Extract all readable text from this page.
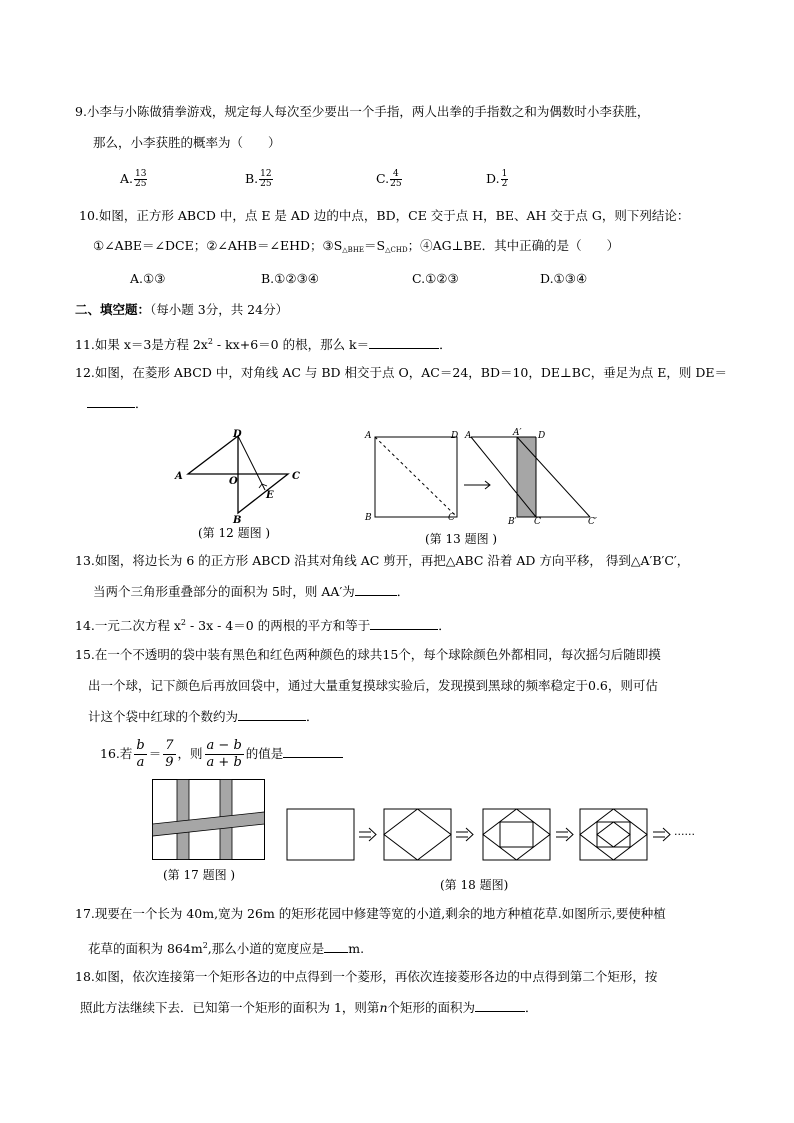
9.小李与小陈做猜拳游戏，规定每人每次至少要出一个手指，两人出拳的手指数之和为偶数时小李获胜，
那么，小李获胜的概率为（　　）
A. $\frac{13}{25}$	B. $\frac{12}{25}$	C. $\frac{4}{25}$	D. $\frac{1}{2}$
10.如图，正方形 ABCD 中，点 E 是 AD 边的中点，BD，CE 交于点 H，BE、AH 交于点 G，则下列结论：
①∠ABE＝∠DCE；②∠AHB＝∠EHD；$③S_{\triangle BHE}=S_{\triangle CHD}$；④AG⊥BE．其中正确的是（　　）
A.①③	B.①②③④	C.①②③	D.①③④
二、填空题：（每小题 3分，共 24分）
11.如果 x＝3是方程 $2x^2 - kx+6=0$ 的根，那么 k＝	．
12.如图，在菱形 ABCD 中，对角线 AC 与 BD 相交于点 O，AC＝24，BD＝10，DE⊥BC，垂足为点 E，则 DE＝
．
D
A	O	C
E
B
(第 12 题图 )
A	D
B	C
A	A′ D
B′ C	C′
(第 13 题图 )
13.如图，将边长为 6 的正方形 ABCD 沿其对角线 AC 剪开，再把△ABC 沿着 AD 方向平移， 得到△A′B′C′，
当两个三角形重叠部分的面积为 5时，则 AA′为	．
14.一元二次方程 $x^2 - 3x - 4=0$ 的两根的平方和等于	．
15.在一个不透明的袋中装有黑色和红色两种颜色的球共15个，每个球除颜色外都相同，每次摇匀后随即摸
出一个球，记下颜色后再放回袋中，通过大量重复摸球实验后，发现摸到黑球的频率稳定于0.6，则可估
计这个袋中红球的个数约为	．
16.若 $\frac{b}{a} = \frac{7}{9}$ ，则 $\frac{a - b}{a + b}$ 的值是
(第 17 题图 )
······
(第 18 题图)
17.现要在一个长为 40m,宽为 26m 的矩形花园中修建等宽的小道,剩余的地方种植花草.如图所示,要使种植
花草的面积为 $864m^2$,那么小道的宽度应是 m.
18.如图，依次连接第一个矩形各边的中点得到一个菱形，再依次连接菱形各边的中点得到第二个矩形，按
照此方法继续下去．已知第一个矩形的面积为 1，则第n个矩形的面积为	．
